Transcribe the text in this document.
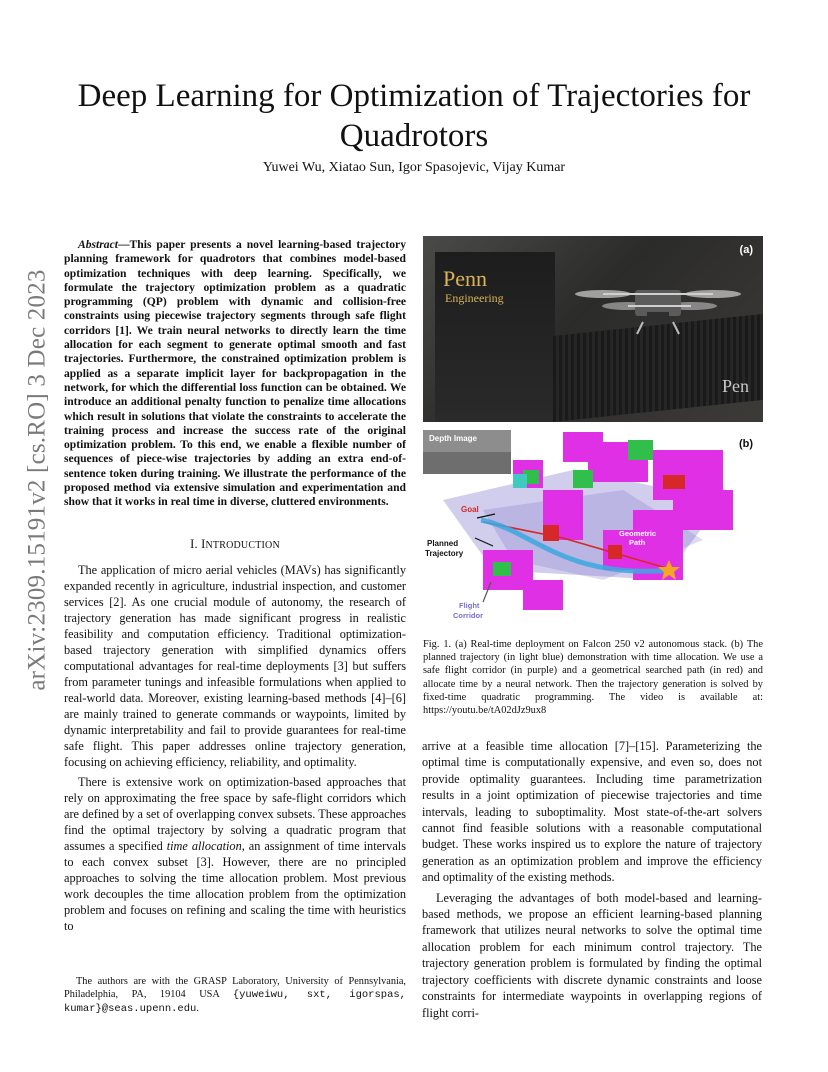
arXiv:2309.15191v2 [cs.RO] 3 Dec 2023
Deep Learning for Optimization of Trajectories for Quadrotors
Yuwei Wu, Xiatao Sun, Igor Spasojevic, Vijay Kumar

Abstract—This paper presents a novel learning-based trajectory planning framework for quadrotors that combines model-based optimization techniques with deep learning. Specifically, we formulate the trajectory optimization problem as a quadratic programming (QP) problem with dynamic and collision-free constraints using piecewise trajectory segments through safe flight corridors [1]. We train neural networks to directly learn the time allocation for each segment to generate optimal smooth and fast trajectories. Furthermore, the constrained optimization problem is applied as a separate implicit layer for backpropagation in the network, for which the differential loss function can be obtained. We introduce an additional penalty function to penalize time allocations which result in solutions that violate the constraints to accelerate the training process and increase the success rate of the original optimization problem. To this end, we enable a flexible number of sequences of piece-wise trajectories by adding an extra end-of-sentence token during training. We illustrate the performance of the proposed method via extensive simulation and experimentation and show that it works in real time in diverse, cluttered environments.

I. INTRODUCTION

The application of micro aerial vehicles (MAVs) has significantly expanded recently in agriculture, industrial inspection, and customer services [2]. As one crucial module of autonomy, the research of trajectory generation has made significant progress in realistic feasibility and computation efficiency. Traditional optimization-based trajectory generation with simplified dynamics offers computational advantages for real-time deployments [3] but suffers from parameter tunings and infeasible formulations when applied to real-world data. Moreover, existing learning-based methods [4]–[6] are mainly trained to generate commands or waypoints, limited by dynamic interpretability and fail to provide guarantees for real-time safe flight. This paper addresses online trajectory generation, focusing on achieving efficiency, reliability, and optimality.

There is extensive work on optimization-based approaches that rely on approximating the free space by safe-flight corridors which are defined by a set of overlapping convex subsets. These approaches find the optimal trajectory by solving a quadratic program that assumes a specified time allocation, an assignment of time intervals to each convex subset [3]. However, there are no principled approaches to solving the time allocation problem. Most previous work decouples the time allocation problem from the optimization problem and focuses on refining and scaling the time with heuristics to

The authors are with the GRASP Laboratory, University of Pennsylvania, Philadelphia, PA, 19104 USA {yuweiwu, sxt, igorspas, kumar}@seas.upenn.edu.
Penn
Engineering
Pen
(a)
Depth Image
Goal
Planned
Trajectory
Geometric
Path
Replan
Start
Flight
Corridor
(b)
Fig. 1. (a) Real-time deployment on Falcon 250 v2 autonomous stack. (b) The planned trajectory (in light blue) demonstration with time allocation. We use a safe flight corridor (in purple) and a geometrical searched path (in red) and allocate time by a neural network. Then the trajectory generation is solved by fixed-time quadratic programming. The video is available at: https://youtu.be/tA02dJz9ux8

arrive at a feasible time allocation [7]–[15]. Parameterizing the optimal time is computationally expensive, and even so, does not provide optimality guarantees. Including time parametrization results in a joint optimization of piecewise trajectories and time intervals, leading to suboptimality. Most state-of-the-art solvers cannot find feasible solutions with a reasonable computational budget. These works inspired us to explore the nature of trajectory generation as an optimization problem and improve the efficiency and optimality of the existing methods.

Leveraging the advantages of both model-based and learning-based methods, we propose an efficient learning-based planning framework that utilizes neural networks to solve the optimal time allocation problem for each minimum control trajectory. The trajectory generation problem is formulated by finding the optimal trajectory coefficients with discrete dynamic constraints and loose constraints for intermediate waypoints in overlapping regions of flight corri-
